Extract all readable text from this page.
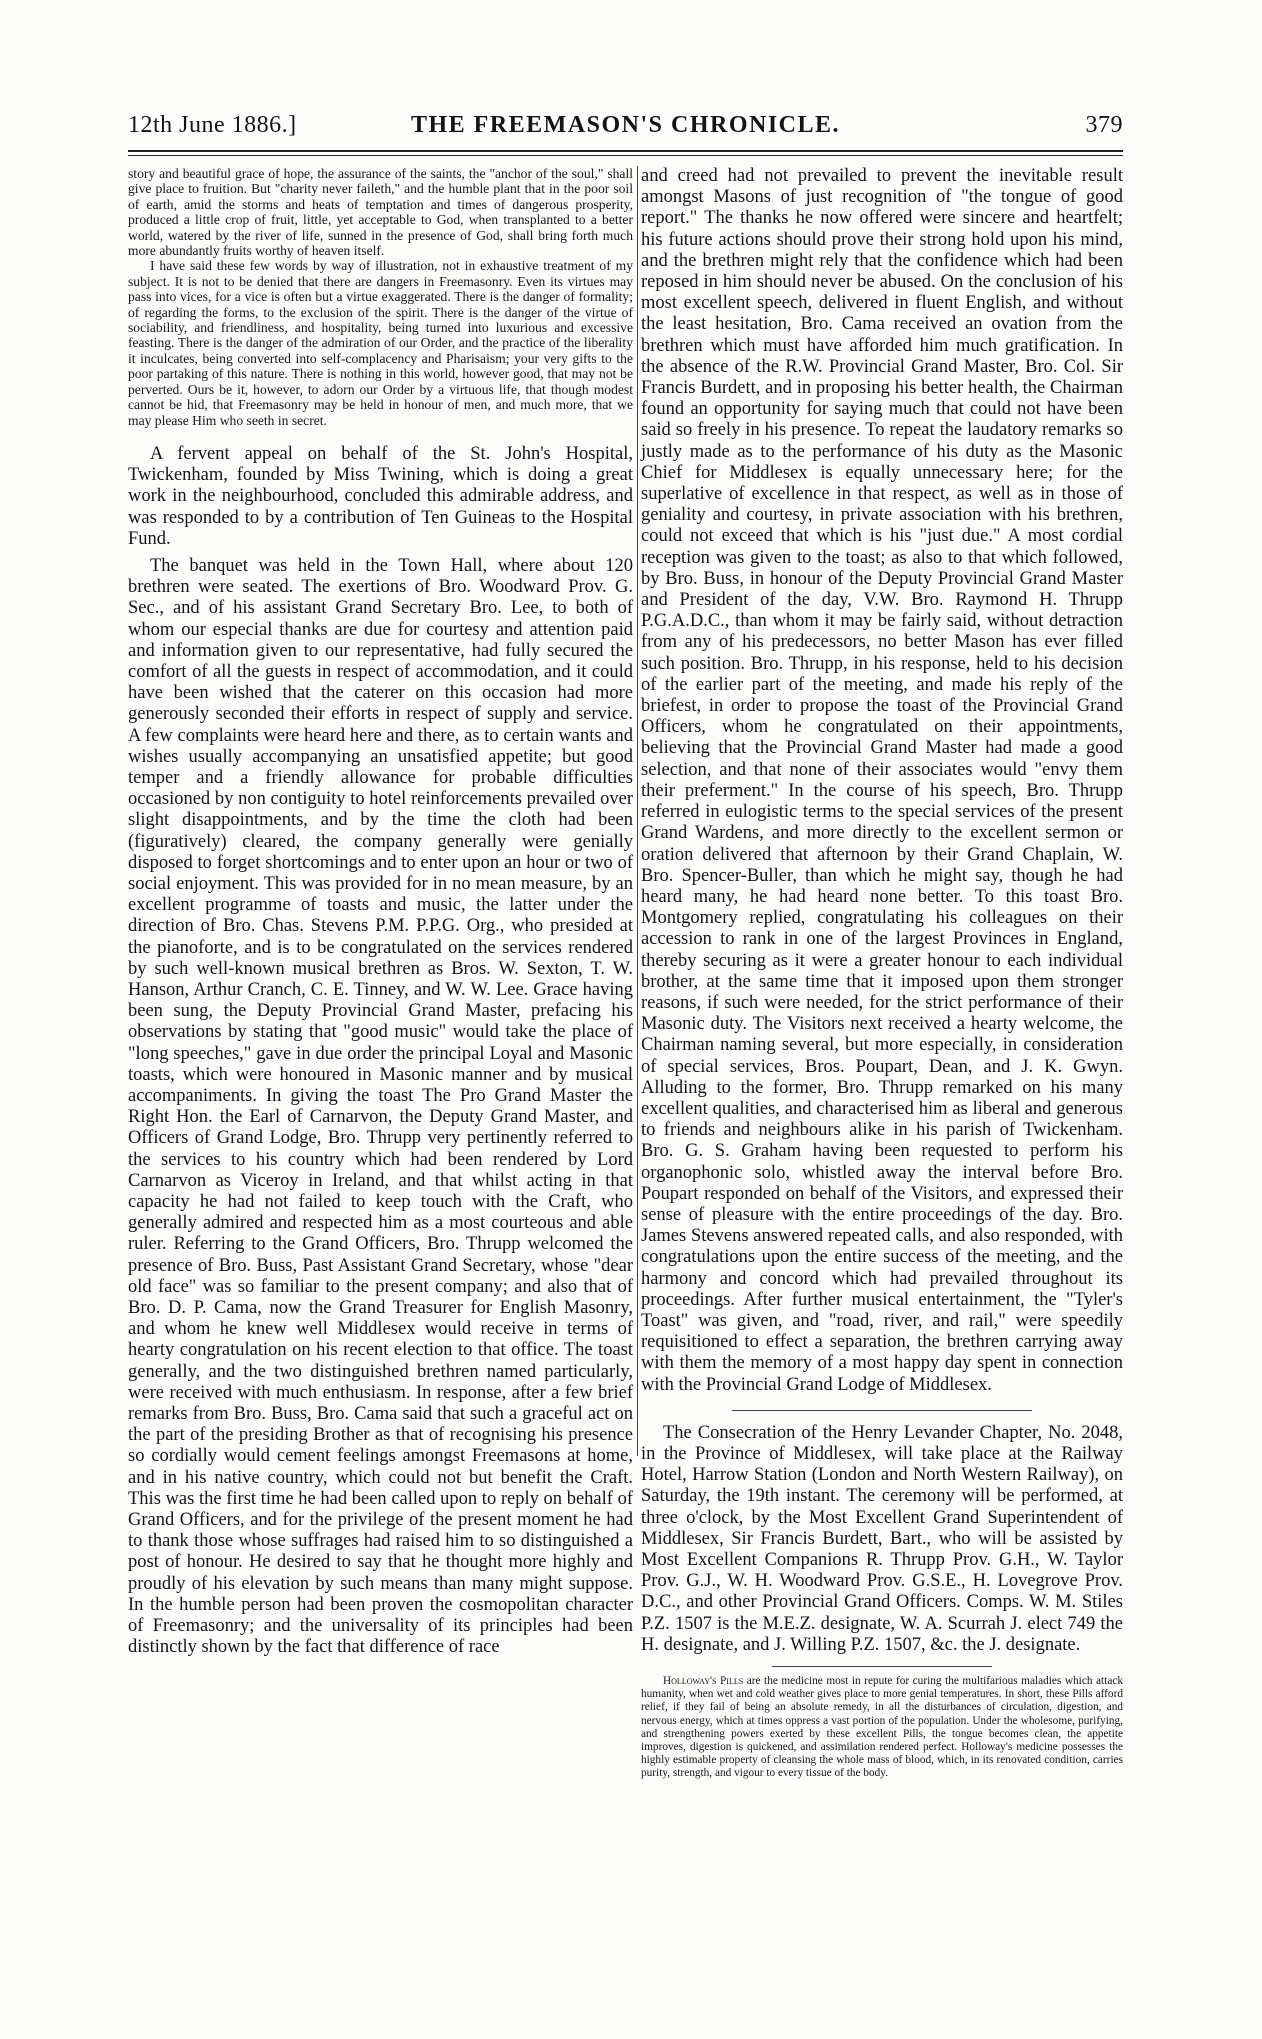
12th June 1886.]	THE FREEMASON'S CHRONICLE.	379

story and beautiful grace of hope, the assurance of the saints, the "anchor of the soul," shall give place to fruition. But "charity never faileth," and the humble plant that in the poor soil of earth, amid the storms and heats of temptation and times of dangerous prosperity, produced a little crop of fruit, little, yet acceptable to God, when transplanted to a better world, watered by the river of life, sunned in the presence of God, shall bring forth much more abundantly fruits worthy of heaven itself.

I have said these few words by way of illustration, not in exhaustive treatment of my subject. It is not to be denied that there are dangers in Freemasonry. Even its virtues may pass into vices, for a vice is often but a virtue exaggerated. There is the danger of formality; of regarding the forms, to the exclusion of the spirit. There is the danger of the virtue of sociability, and friendliness, and hospitality, being turned into luxurious and excessive feasting. There is the danger of the admiration of our Order, and the practice of the liberality it inculcates, being converted into self-complacency and Pharisaism; your very gifts to the poor partaking of this nature. There is nothing in this world, however good, that may not be perverted. Ours be it, however, to adorn our Order by a virtuous life, that though modest cannot be hid, that Freemasonry may be held in honour of men, and much more, that we may please Him who seeth in secret.

A fervent appeal on behalf of the St. John's Hospital, Twickenham, founded by Miss Twining, which is doing a great work in the neighbourhood, concluded this admirable address, and was responded to by a contribution of Ten Guineas to the Hospital Fund.

The banquet was held in the Town Hall, where about 120 brethren were seated. The exertions of Bro. Woodward Prov. G. Sec., and of his assistant Grand Secretary Bro. Lee, to both of whom our especial thanks are due for courtesy and attention paid and information given to our representative, had fully secured the comfort of all the guests in respect of accommodation, and it could have been wished that the caterer on this occasion had more generously seconded their efforts in respect of supply and service. A few complaints were heard here and there, as to certain wants and wishes usually accompanying an unsatisfied appetite; but good temper and a friendly allowance for probable difficulties occasioned by non contiguity to hotel reinforcements prevailed over slight disappointments, and by the time the cloth had been (figuratively) cleared, the company generally were genially disposed to forget shortcomings and to enter upon an hour or two of social enjoyment. This was provided for in no mean measure, by an excellent programme of toasts and music, the latter under the direction of Bro. Chas. Stevens P.M. P.P.G. Org., who presided at the pianoforte, and is to be congratulated on the services rendered by such well-known musical brethren as Bros. W. Sexton, T. W. Hanson, Arthur Cranch, C. E. Tinney, and W. W. Lee. Grace having been sung, the Deputy Provincial Grand Master, prefacing his observations by stating that "good music" would take the place of "long speeches," gave in due order the principal Loyal and Masonic toasts, which were honoured in Masonic manner and by musical accompaniments. In giving the toast The Pro Grand Master the Right Hon. the Earl of Carnarvon, the Deputy Grand Master, and Officers of Grand Lodge, Bro. Thrupp very pertinently referred to the services to his country which had been rendered by Lord Carnarvon as Viceroy in Ireland, and that whilst acting in that capacity he had not failed to keep touch with the Craft, who generally admired and respected him as a most courteous and able ruler. Referring to the Grand Officers, Bro. Thrupp welcomed the presence of Bro. Buss, Past Assistant Grand Secretary, whose "dear old face" was so familiar to the present company; and also that of Bro. D. P. Cama, now the Grand Treasurer for English Masonry, and whom he knew well Middlesex would receive in terms of hearty congratulation on his recent election to that office. The toast generally, and the two distinguished brethren named particularly, were received with much enthusiasm. In response, after a few brief remarks from Bro. Buss, Bro. Cama said that such a graceful act on the part of the presiding Brother as that of recognising his presence so cordially would cement feelings amongst Freemasons at home, and in his native country, which could not but benefit the Craft. This was the first time he had been called upon to reply on behalf of Grand Officers, and for the privilege of the present moment he had to thank those whose suffrages had raised him to so distinguished a post of honour. He desired to say that he thought more highly and proudly of his elevation by such means than many might suppose. In the humble person had been proven the cosmopolitan character of Freemasonry; and the universality of its principles had been distinctly shown by the fact that difference of race

and creed had not prevailed to prevent the inevitable result amongst Masons of just recognition of "the tongue of good report." The thanks he now offered were sincere and heartfelt; his future actions should prove their strong hold upon his mind, and the brethren might rely that the confidence which had been reposed in him should never be abused. On the conclusion of his most excellent speech, delivered in fluent English, and without the least hesitation, Bro. Cama received an ovation from the brethren which must have afforded him much gratification. In the absence of the R.W. Provincial Grand Master, Bro. Col. Sir Francis Burdett, and in proposing his better health, the Chairman found an opportunity for saying much that could not have been said so freely in his presence. To repeat the laudatory remarks so justly made as to the performance of his duty as the Masonic Chief for Middlesex is equally unnecessary here; for the superlative of excellence in that respect, as well as in those of geniality and courtesy, in private association with his brethren, could not exceed that which is his "just due." A most cordial reception was given to the toast; as also to that which followed, by Bro. Buss, in honour of the Deputy Provincial Grand Master and President of the day, V.W. Bro. Raymond H. Thrupp P.G.A.D.C., than whom it may be fairly said, without detraction from any of his predecessors, no better Mason has ever filled such position. Bro. Thrupp, in his response, held to his decision of the earlier part of the meeting, and made his reply of the briefest, in order to propose the toast of the Provincial Grand Officers, whom he congratulated on their appointments, believing that the Provincial Grand Master had made a good selection, and that none of their associates would "envy them their preferment." In the course of his speech, Bro. Thrupp referred in eulogistic terms to the special services of the present Grand Wardens, and more directly to the excellent sermon or oration delivered that afternoon by their Grand Chaplain, W. Bro. Spencer-Buller, than which he might say, though he had heard many, he had heard none better. To this toast Bro. Montgomery replied, congratulating his colleagues on their accession to rank in one of the largest Provinces in England, thereby securing as it were a greater honour to each individual brother, at the same time that it imposed upon them stronger reasons, if such were needed, for the strict performance of their Masonic duty. The Visitors next received a hearty welcome, the Chairman naming several, but more especially, in consideration of special services, Bros. Poupart, Dean, and J. K. Gwyn. Alluding to the former, Bro. Thrupp remarked on his many excellent qualities, and characterised him as liberal and generous to friends and neighbours alike in his parish of Twickenham. Bro. G. S. Graham having been requested to perform his organophonic solo, whistled away the interval before Bro. Poupart responded on behalf of the Visitors, and expressed their sense of pleasure with the entire proceedings of the day. Bro. James Stevens answered repeated calls, and also responded, with congratulations upon the entire success of the meeting, and the harmony and concord which had prevailed throughout its proceedings. After further musical entertainment, the "Tyler's Toast" was given, and "road, river, and rail," were speedily requisitioned to effect a separation, the brethren carrying away with them the memory of a most happy day spent in connection with the Provincial Grand Lodge of Middlesex.

The Consecration of the Henry Levander Chapter, No. 2048, in the Province of Middlesex, will take place at the Railway Hotel, Harrow Station (London and North Western Railway), on Saturday, the 19th instant. The ceremony will be performed, at three o'clock, by the Most Excellent Grand Superintendent of Middlesex, Sir Francis Burdett, Bart., who will be assisted by Most Excellent Companions R. Thrupp Prov. G.H., W. Taylor Prov. G.J., W. H. Woodward Prov. G.S.E., H. Lovegrove Prov. D.C., and other Provincial Grand Officers. Comps. W. M. Stiles P.Z. 1507 is the M.E.Z. designate, W. A. Scurrah J. elect 749 the H. designate, and J. Willing P.Z. 1507, &c. the J. designate.

Holloway's Pills are the medicine most in repute for curing the multifarious maladies which attack humanity, when wet and cold weather gives place to more genial temperatures. In short, these Pills afford relief, if they fail of being an absolute remedy, in all the disturbances of circulation, digestion, and nervous energy, which at times oppress a vast portion of the population. Under the wholesome, purifying, and strengthening powers exerted by these excellent Pills, the tongue becomes clean, the appetite improves, digestion is quickened, and assimilation rendered perfect. Holloway's medicine possesses the highly estimable property of cleansing the whole mass of blood, which, in its renovated condition, carries purity, strength, and vigour to every tissue of the body.
